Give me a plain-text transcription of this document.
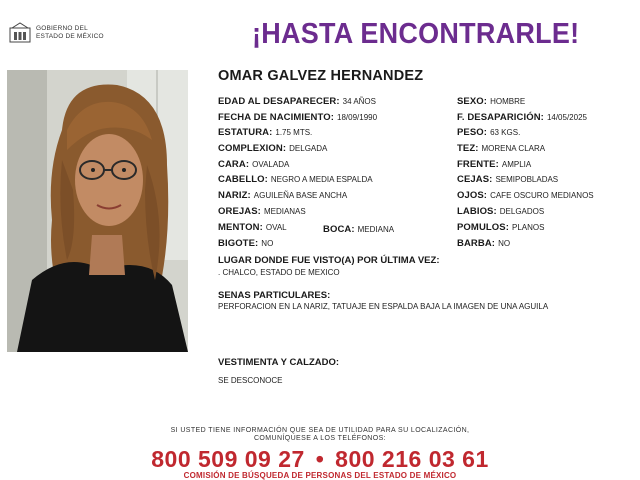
GOBIERNO DEL
ESTADO DE MÉXICO	¡HASTA ENCONTRARLE!
OMAR GALVEZ HERNANDEZ
EDAD AL DESAPARECER: 34 AÑOS
FECHA DE NACIMIENTO: 18/09/1990
ESTATURA: 1.75 MTS.
COMPLEXION: DELGADA
CARA: OVALADA
CABELLO: NEGRO A MEDIA ESPALDA
NARIZ: AGUILEÑA BASE ANCHA
OREJAS: MEDIANAS
MENTON: OVAL	BOCA: MEDIANA
BIGOTE: NO
SEXO: HOMBRE
F. DESAPARICIÓN: 14/05/2025
PESO: 63 KGS.
TEZ: MORENA CLARA
FRENTE: AMPLIA
CEJAS: SEMIPOBLADAS
OJOS: CAFE OSCURO MEDIANOS
LABIOS: DELGADOS
POMULOS: PLANOS
BARBA: NO
LUGAR DONDE FUE VISTO(A) POR ÚLTIMA VEZ:
. CHALCO, ESTADO DE MEXICO
SENAS PARTICULARES:
PERFORACION EN LA NARIZ, TATUAJE EN ESPALDA BAJA LA IMAGEN DE UNA AGUILA
VESTIMENTA Y CALZADO:
SE DESCONOCE
SI USTED TIENE INFORMACIÓN QUE SEA DE UTILIDAD PARA SU LOCALIZACIÓN,
COMUNÍQUESE A LOS TELÉFONOS:
800 509 09 27 • 800 216 03 61
COMISIÓN DE BÚSQUEDA DE PERSONAS DEL ESTADO DE MÉXICO
